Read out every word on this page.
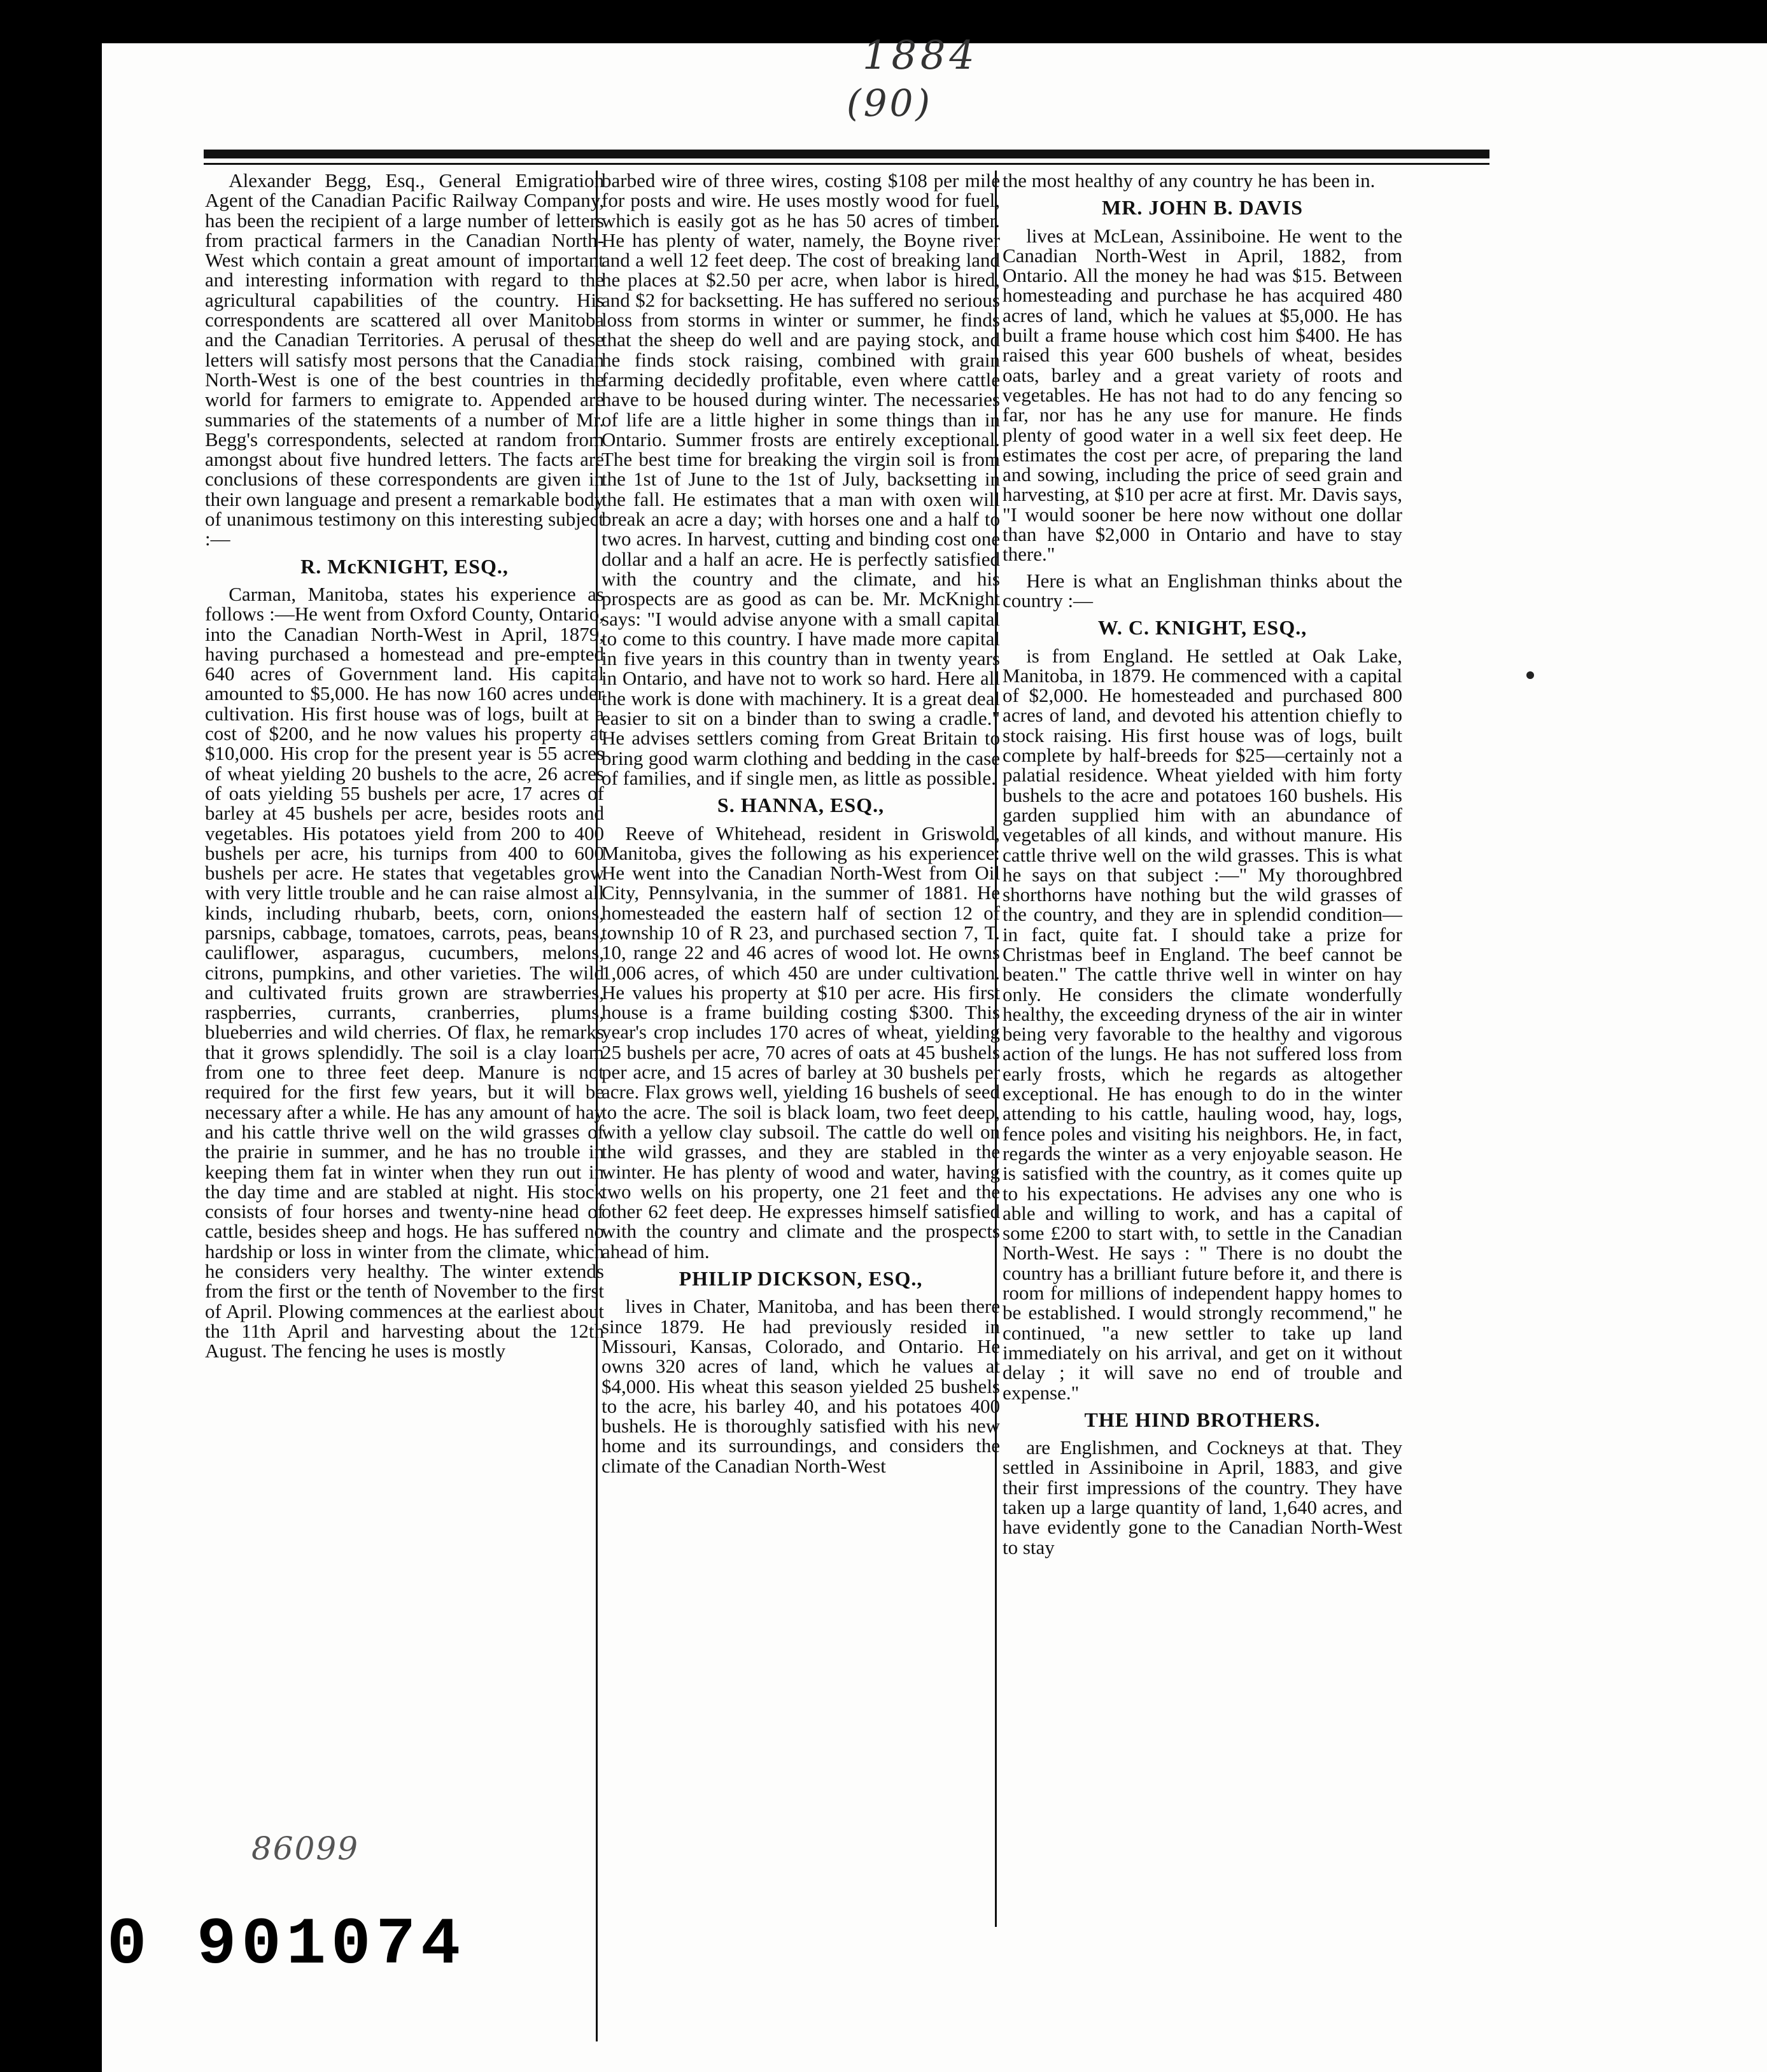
1884
(90)

Alexander Begg, Esq., General Emigration Agent of the Canadian Pacific Railway Company, has been the recipient of a large number of letters from practical farmers in the Canadian North-West which contain a great amount of important and interesting information with regard to the agricultural capabilities of the country. His correspondents are scattered all over Manitoba and the Canadian Territories. A perusal of these letters will satisfy most persons that the Canadian North-West is one of the best countries in the world for farmers to emigrate to. Appended are summaries of the statements of a number of Mr. Begg's correspondents, selected at random from amongst about five hundred letters. The facts are conclusions of these correspondents are given in their own language and present a remarkable body of unanimous testimony on this interesting subject :—

R. McKNIGHT, ESQ.,

Carman, Manitoba, states his experience as follows :—He went from Oxford County, Ontario, into the Canadian North-West in April, 1879, having purchased a homestead and pre-empted 640 acres of Government land. His capital amounted to $5,000. He has now 160 acres under cultivation. His first house was of logs, built at a cost of $200, and he now values his property at $10,000. His crop for the present year is 55 acres of wheat yielding 20 bushels to the acre, 26 acres of oats yielding 55 bushels per acre, 17 acres of barley at 45 bushels per acre, besides roots and vegetables. His potatoes yield from 200 to 400 bushels per acre, his turnips from 400 to 600 bushels per acre. He states that vegetables grow with very little trouble and he can raise almost all kinds, including rhubarb, beets, corn, onions, parsnips, cabbage, tomatoes, carrots, peas, beans, cauliflower, asparagus, cucumbers, melons, citrons, pumpkins, and other varieties. The wild and cultivated fruits grown are strawberries, raspberries, currants, cranberries, plums, blueberries and wild cherries. Of flax, he remarks that it grows splendidly. The soil is a clay loam from one to three feet deep. Manure is not required for the first few years, but it will be necessary after a while. He has any amount of hay and his cattle thrive well on the wild grasses of the prairie in summer, and he has no trouble in keeping them fat in winter when they run out in the day time and are stabled at night. His stock consists of four horses and twenty-nine head of cattle, besides sheep and hogs. He has suffered no hardship or loss in winter from the climate, which he considers very healthy. The winter extends from the first or the tenth of November to the first of April. Plowing commences at the earliest about the 11th April and harvesting about the 12th August. The fencing he uses is mostly

barbed wire of three wires, costing $108 per mile for posts and wire. He uses mostly wood for fuel, which is easily got as he has 50 acres of timber. He has plenty of water, namely, the Boyne river and a well 12 feet deep. The cost of breaking land he places at $2.50 per acre, when labor is hired, and $2 for backsetting. He has suffered no serious loss from storms in winter or summer, he finds that the sheep do well and are paying stock, and he finds stock raising, combined with grain farming decidedly profitable, even where cattle have to be housed during winter. The necessaries of life are a little higher in some things than in Ontario. Summer frosts are entirely exceptional. The best time for breaking the virgin soil is from the 1st of June to the 1st of July, backsetting in the fall. He estimates that a man with oxen will break an acre a day; with horses one and a half to two acres. In harvest, cutting and binding cost one dollar and a half an acre. He is perfectly satisfied with the country and the climate, and his prospects are as good as can be. Mr. McKnight says: "I would advise anyone with a small capital to come to this country. I have made more capital in five years in this country than in twenty years in Ontario, and have not to work so hard. Here all the work is done with machinery. It is a great deal easier to sit on a binder than to swing a cradle." He advises settlers coming from Great Britain to bring good warm clothing and bedding in the case of families, and if single men, as little as possible.

S. HANNA, ESQ.,

Reeve of Whitehead, resident in Griswold, Manitoba, gives the following as his experience: He went into the Canadian North-West from Oil City, Pennsylvania, in the summer of 1881. He homesteaded the eastern half of section 12 of township 10 of R 23, and purchased section 7, T. 10, range 22 and 46 acres of wood lot. He owns 1,006 acres, of which 450 are under cultivation. He values his property at $10 per acre. His first house is a frame building costing $300. This year's crop includes 170 acres of wheat, yielding 25 bushels per acre, 70 acres of oats at 45 bushels per acre, and 15 acres of barley at 30 bushels per acre. Flax grows well, yielding 16 bushels of seed to the acre. The soil is black loam, two feet deep, with a yellow clay subsoil. The cattle do well on the wild grasses, and they are stabled in the winter. He has plenty of wood and water, having two wells on his property, one 21 feet and the other 62 feet deep. He expresses himself satisfied with the country and climate and the prospects ahead of him.

PHILIP DICKSON, ESQ.,

lives in Chater, Manitoba, and has been there since 1879. He had previously resided in Missouri, Kansas, Colorado, and Ontario. He owns 320 acres of land, which he values at $4,000. His wheat this season yielded 25 bushels to the acre, his barley 40, and his potatoes 400 bushels. He is thoroughly satisfied with his new home and its surroundings, and considers the climate of the Canadian North-West

the most healthy of any country he has been in.

MR. JOHN B. DAVIS

lives at McLean, Assiniboine. He went to the Canadian North-West in April, 1882, from Ontario. All the money he had was $15. Between homesteading and purchase he has acquired 480 acres of land, which he values at $5,000. He has built a frame house which cost him $400. He has raised this year 600 bushels of wheat, besides oats, barley and a great variety of roots and vegetables. He has not had to do any fencing so far, nor has he any use for manure. He finds plenty of good water in a well six feet deep. He estimates the cost per acre, of preparing the land and sowing, including the price of seed grain and harvesting, at $10 per acre at first. Mr. Davis says, "I would sooner be here now without one dollar than have $2,000 in Ontario and have to stay there."

Here is what an Englishman thinks about the country :—

W. C. KNIGHT, ESQ.,

is from England. He settled at Oak Lake, Manitoba, in 1879. He commenced with a capital of $2,000. He homesteaded and purchased 800 acres of land, and devoted his attention chiefly to stock raising. His first house was of logs, built complete by half-breeds for $25—certainly not a palatial residence. Wheat yielded with him forty bushels to the acre and potatoes 160 bushels. His garden supplied him with an abundance of vegetables of all kinds, and without manure. His cattle thrive well on the wild grasses. This is what he says on that subject :—" My thoroughbred shorthorns have nothing but the wild grasses of the country, and they are in splendid condition—in fact, quite fat. I should take a prize for Christmas beef in England. The beef cannot be beaten." The cattle thrive well in winter on hay only. He considers the climate wonderfully healthy, the exceeding dryness of the air in winter being very favorable to the healthy and vigorous action of the lungs. He has not suffered loss from early frosts, which he regards as altogether exceptional. He has enough to do in the winter attending to his cattle, hauling wood, hay, logs, fence poles and visiting his neighbors. He, in fact, regards the winter as a very enjoyable season. He is satisfied with the country, as it comes quite up to his expectations. He advises any one who is able and willing to work, and has a capital of some £200 to start with, to settle in the Canadian North-West. He says : " There is no doubt the country has a brilliant future before it, and there is room for millions of independent happy homes to be established. I would strongly recommend," he continued, "a new settler to take up land immediately on his arrival, and get on it without delay ; it will save no end of trouble and expense."

THE HIND BROTHERS.

are Englishmen, and Cockneys at that. They settled in Assiniboine in April, 1883, and give their first impressions of the country. They have taken up a large quantity of land, 1,640 acres, and have evidently gone to the Canadian North-West to stay

86099
0 901074
